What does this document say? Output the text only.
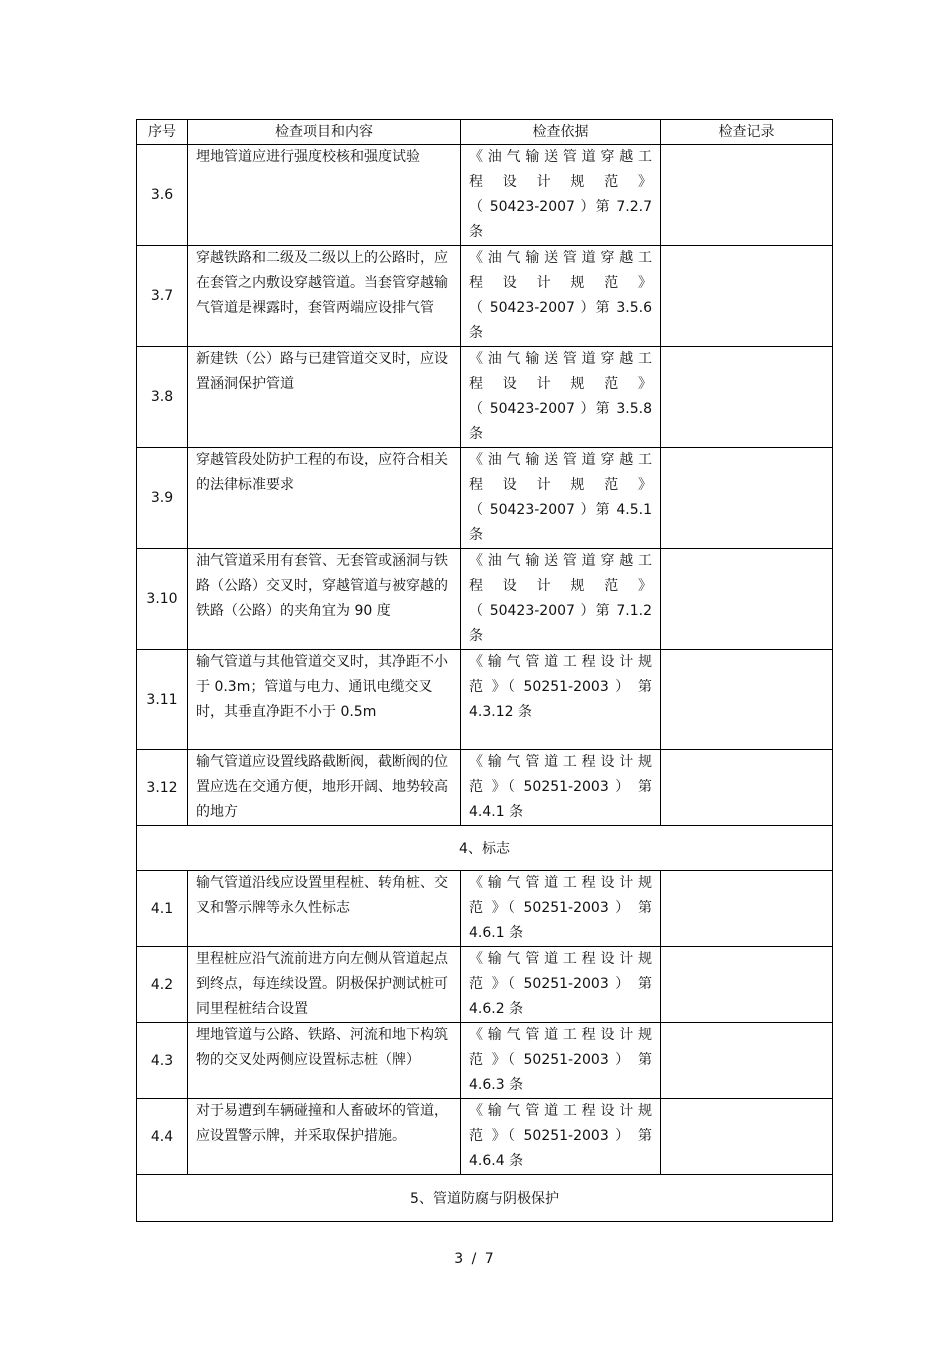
序号	检查项目和内容	检查依据	检查记录
3.6	埋地管道应进行强度校核和强度试验	《油气输送管道穿越工
程 设 计 规 范 》
（ 50423-2007 ）第 7.2.7
条	

3.7	穿越铁路和二级及二级以上的公路时，应在套管之内敷设穿越管道。当套管穿越输气管道是裸露时，套管两端应设排气管	《油气输送管道穿越工
程 设 计 规 范 》
（ 50423-2007 ）第 3.5.6
条	

3.8	新建铁（公）路与已建管道交叉时，应设置涵洞保护管道	《油气输送管道穿越工
程 设 计 规 范 》
（ 50423-2007 ）第 3.5.8
条	

3.9	穿越管段处防护工程的布设，应符合相关的法律标准要求	《油气输送管道穿越工
程 设 计 规 范 》
（ 50423-2007 ）第 4.5.1
条	

3.10	油气管道采用有套管、无套管或涵洞与铁路（公路）交叉时，穿越管道与被穿越的铁路（公路）的夹角宜为 90 度	《油气输送管道穿越工
程 设 计 规 范 》
（ 50423-2007 ）第 7.1.2
条	

3.11	输气管道与其他管道交叉时，其净距不小于 0.3m；管道与电力、通讯电缆交叉时，其垂直净距不小于 0.5m	《输气管道工程设计规
范 》（ 50251-2003 ） 第
4.3.12 条	

3.12	输气管道应设置线路截断阀，截断阀的位置应选在交通方便，地形开阔、地势较高的地方	《输气管道工程设计规
范 》（ 50251-2003 ） 第
4.4.1 条	

4、标志			
4.1	输气管道沿线应设置里程桩、转角桩、交叉和警示牌等永久性标志	《输气管道工程设计规
范 》（ 50251-2003 ） 第
4.6.1 条	

4.2	里程桩应沿气流前进方向左侧从管道起点到终点，每连续设置。阴极保护测试桩可同里程桩结合设置	《输气管道工程设计规
范 》（ 50251-2003 ） 第
4.6.2 条	

4.3	埋地管道与公路、铁路、河流和地下构筑物的交叉处两侧应设置标志桩（牌）	《输气管道工程设计规
范 》（ 50251-2003 ） 第
4.6.3 条	

4.4	对于易遭到车辆碰撞和人畜破坏的管道，应设置警示牌，并采取保护措施。	《输气管道工程设计规
范 》（ 50251-2003 ） 第
4.6.4 条	

5、管道防腐与阴极保护			
3 / 7
